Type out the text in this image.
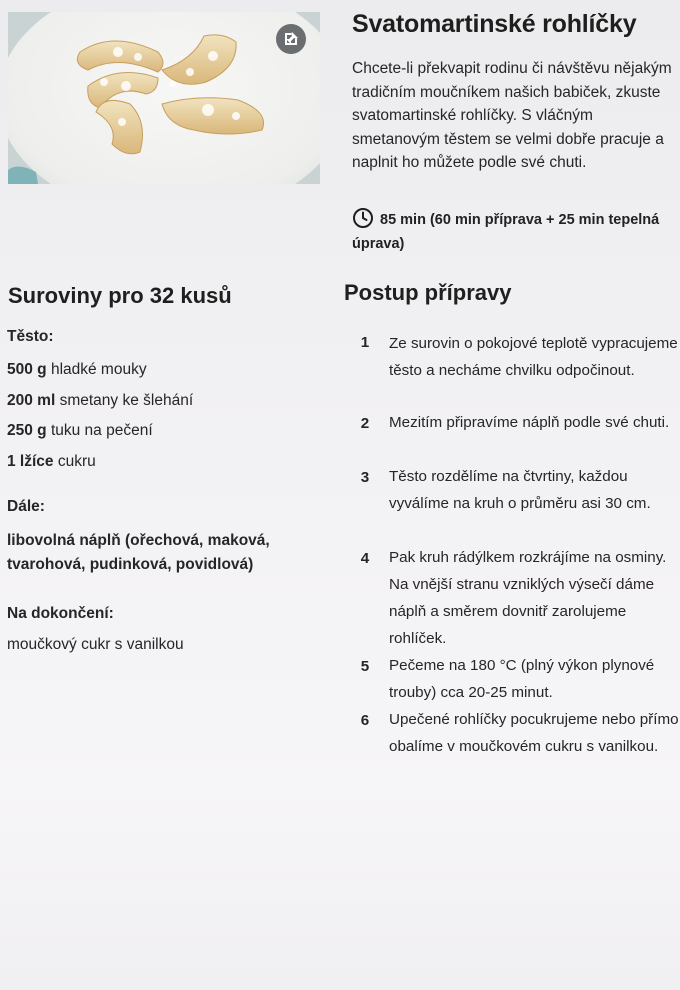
Svatomartinské rohlíčky
Chcete-li překvapit rodinu či návštěvu nějakým tradičním moučníkem našich babiček, zkuste svatomartinské rohlíčky. S vláčným smetanovým těstem se velmi dobře pracuje a naplnit ho můžete podle své chuti.
85 min (60 min příprava + 25 min tepelná úprava)
Suroviny pro 32 kusů
Těsto:
500 g hladké mouky
200 ml smetany ke šlehání
250 g tuku na pečení
1 lžíce cukru
Dále:
libovolná náplň (ořechová, maková, tvarohová, pudinková, povidlová)
Na dokončení:
moučkový cukr s vanilkou
Postup přípravy
1	Ze surovin o pokojové teplotě vypracujeme těsto a necháme chvilku odpočinout.
2	Mezitím připravíme náplň podle své chuti.
3	Těsto rozdělíme na čtvrtiny, každou vyválíme na kruh o průměru asi 30 cm.
4	Pak kruh rádýlkem rozkrájíme na osminy. Na vnější stranu vzniklých výsečí dáme náplň a směrem dovnitř zarolujeme rohlíček.
5	Pečeme na 180 °C (plný výkon plynové trouby) cca 20-25 minut.
6	Upečené rohlíčky pocukrujeme nebo přímo obalíme v moučkovém cukru s vanilkou.
